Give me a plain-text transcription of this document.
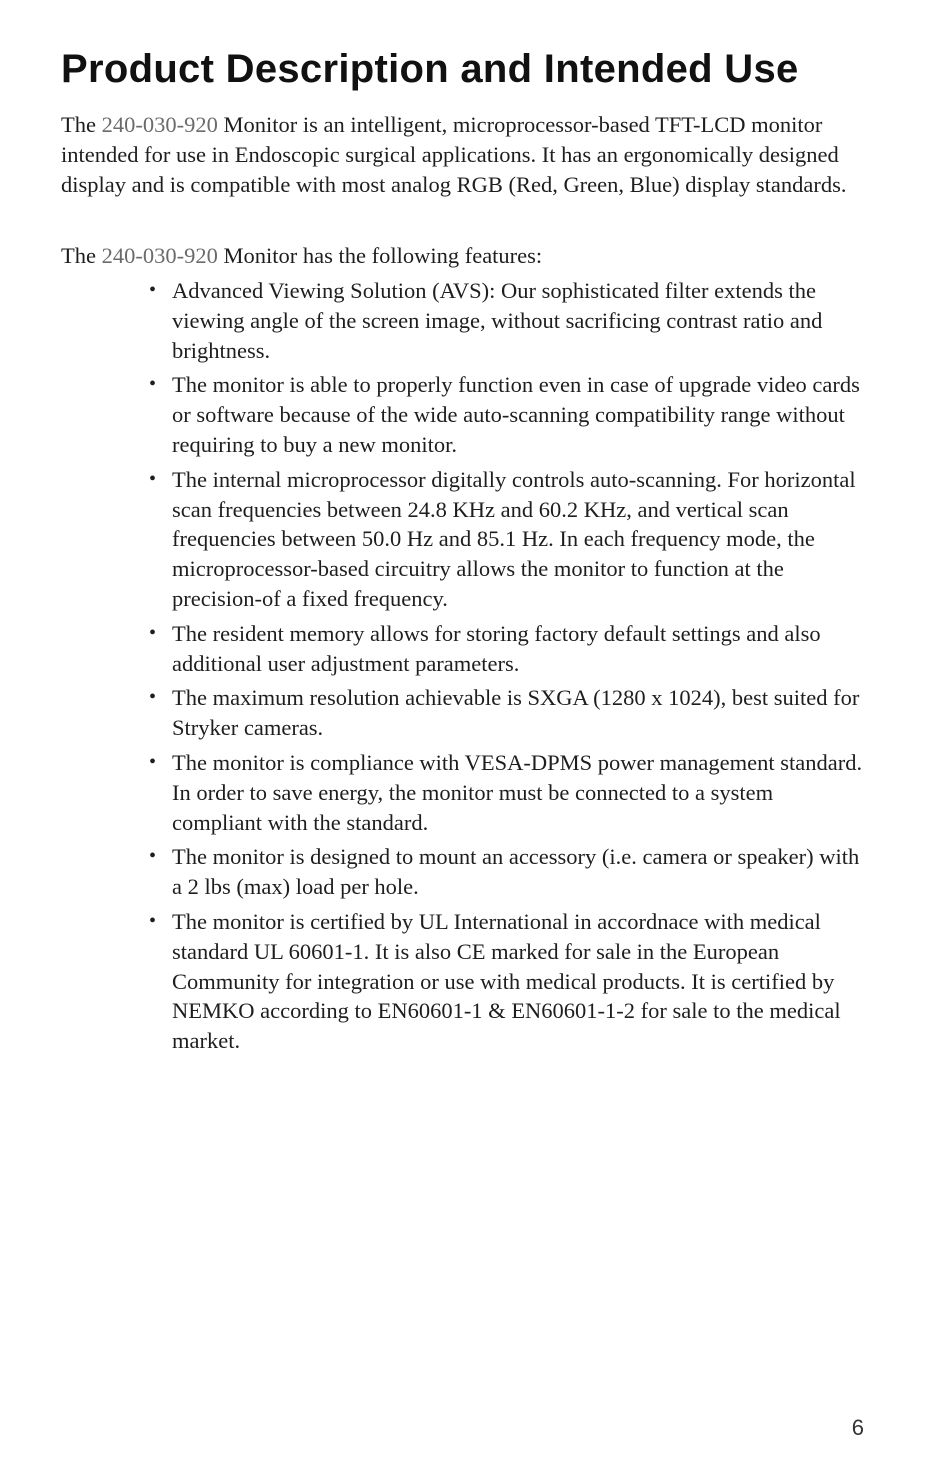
Product Description and Intended Use

The 240-030-920 Monitor is an intelligent, microprocessor-based TFT-LCD monitor intended for use in Endoscopic surgical applications. It has an ergonomically designed display and is compatible with most analog RGB (Red, Green, Blue) display standards.

The 240-030-920 Monitor has the following features:

• Advanced Viewing Solution (AVS): Our sophisticated filter extends the viewing angle of the screen image, without sacrificing contrast ratio and brightness.
• The monitor is able to properly function even in case of upgrade video cards or software because of the wide auto-scanning compatibility range without requiring to buy a new monitor.
• The internal microprocessor digitally controls auto-scanning. For horizontal scan frequencies between 24.8 KHz and 60.2 KHz, and vertical scan frequencies between 50.0 Hz and 85.1 Hz. In each frequency mode, the microprocessor-based circuitry allows the monitor to function at the precision-of a fixed frequency.
• The resident memory allows for storing factory default settings and also additional user adjustment parameters.
• The maximum resolution achievable is SXGA (1280 x 1024), best suited for Stryker cameras.
• The monitor is compliance with VESA-DPMS power management standard. In order to save energy, the monitor must be connected to a system compliant with the standard.
• The monitor is designed to mount an accessory (i.e. camera or speaker) with a 2 lbs (max) load per hole.
• The monitor is certified by UL International in accordnace with medical standard UL 60601-1. It is also CE marked for sale in the European Community for integration or use with medical products. It is certified by NEMKO according to EN60601-1 & EN60601-1-2 for sale to the medical market.
6
